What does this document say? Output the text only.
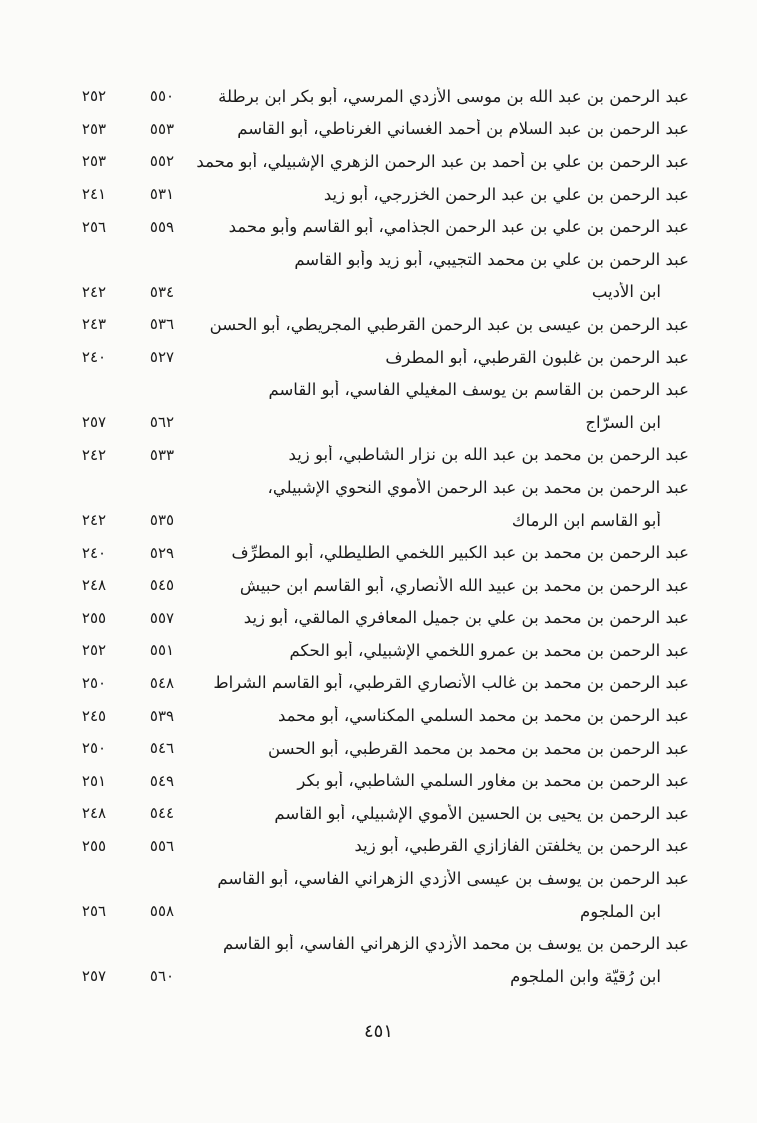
عبد الرحمن بن عبد الله بن موسى الأزدي المرسي، أبو بكر ابن برطلة
٥٥٠
٢٥٢
عبد الرحمن بن عبد السلام بن أحمد الغساني الغرناطي، أبو القاسم
٥٥٣
٢٥٣
عبد الرحمن بن علي بن أحمد بن عبد الرحمن الزهري الإشبيلي، أبو محمد
٥٥٢
٢٥٣
عبد الرحمن بن علي بن عبد الرحمن الخزرجي، أبو زيد
٥٣١
٢٤١
عبد الرحمن بن علي بن عبد الرحمن الجذامي، أبو القاسم وأبو محمد
٥٥٩
٢٥٦
عبد الرحمن بن علي بن محمد التجيبي، أبو زيد وأبو القاسم
ابن الأديب
٥٣٤
٢٤٢
عبد الرحمن بن عيسى بن عبد الرحمن القرطبي المجريطي، أبو الحسن
٥٣٦
٢٤٣
عبد الرحمن بن غلبون القرطبي، أبو المطرف
٥٢٧
٢٤٠
عبد الرحمن بن القاسم بن يوسف المغيلي الفاسي، أبو القاسم
ابن السرّاج
٥٦٢
٢٥٧
عبد الرحمن بن محمد بن عبد الله بن نزار الشاطبي، أبو زيد
٥٣٣
٢٤٢
عبد الرحمن بن محمد بن عبد الرحمن الأموي النحوي الإشبيلي،
أبو القاسم ابن الرماك
٥٣٥
٢٤٢
عبد الرحمن بن محمد بن عبد الكبير اللخمي الطليطلي، أبو المطرِّف
٥٢٩
٢٤٠
عبد الرحمن بن محمد بن عبيد الله الأنصاري، أبو القاسم ابن حبيش
٥٤٥
٢٤٨
عبد الرحمن بن محمد بن علي بن جميل المعافري المالقي، أبو زيد
٥٥٧
٢٥٥
عبد الرحمن بن محمد بن عمرو اللخمي الإشبيلي، أبو الحكم
٥٥١
٢٥٢
عبد الرحمن بن محمد بن غالب الأنصاري القرطبي، أبو القاسم الشراط
٥٤٨
٢٥٠
عبد الرحمن بن محمد بن محمد السلمي المكناسي، أبو محمد
٥٣٩
٢٤٥
عبد الرحمن بن محمد بن محمد بن محمد القرطبي، أبو الحسن
٥٤٦
٢٥٠
عبد الرحمن بن محمد بن مغاور السلمي الشاطبي، أبو بكر
٥٤٩
٢٥١
عبد الرحمن بن يحيى بن الحسين الأموي الإشبيلي، أبو القاسم
٥٤٤
٢٤٨
عبد الرحمن بن يخلفتن الفازازي القرطبي، أبو زيد
٥٥٦
٢٥٥
عبد الرحمن بن يوسف بن عيسى الأزدي الزهراني الفاسي، أبو القاسم
ابن الملجوم
٥٥٨
٢٥٦
عبد الرحمن بن يوسف بن محمد الأزدي الزهراني الفاسي، أبو القاسم
ابن رُقيّة وابن الملجوم
٥٦٠
٢٥٧
٤٥١
